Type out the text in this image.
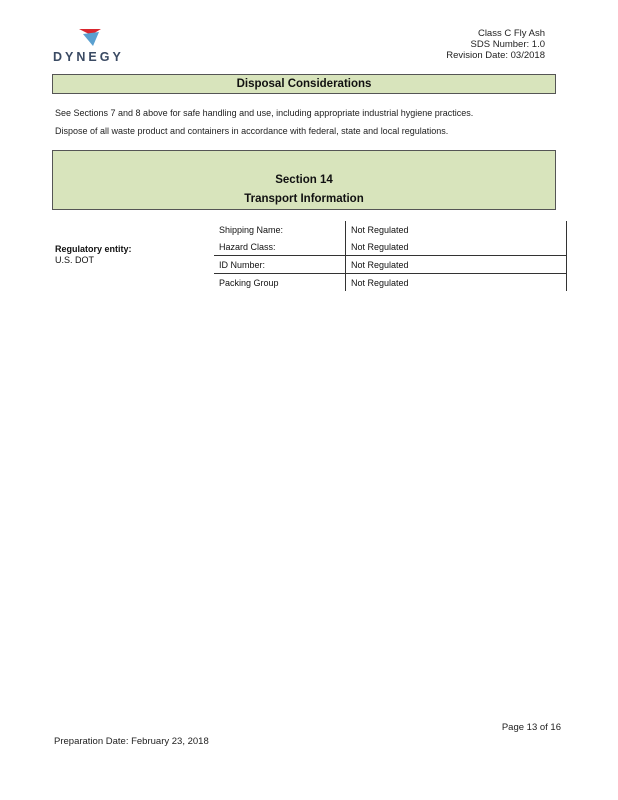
DYNEGY
Class C Fly Ash
SDS Number: 1.0
Revision Date: 03/2018
Disposal Considerations
See Sections 7 and 8 above for safe handling and use, including appropriate industrial hygiene practices.
Dispose of all waste product and containers in accordance with federal, state and local regulations.
Section 14
Transport Information
Regulatory entity:
U.S. DOT
Shipping Name:	Not Regulated
Hazard Class:	Not Regulated
ID Number:	Not Regulated
Packing Group	Not Regulated
Page 13 of 16
Preparation Date: February 23, 2018
